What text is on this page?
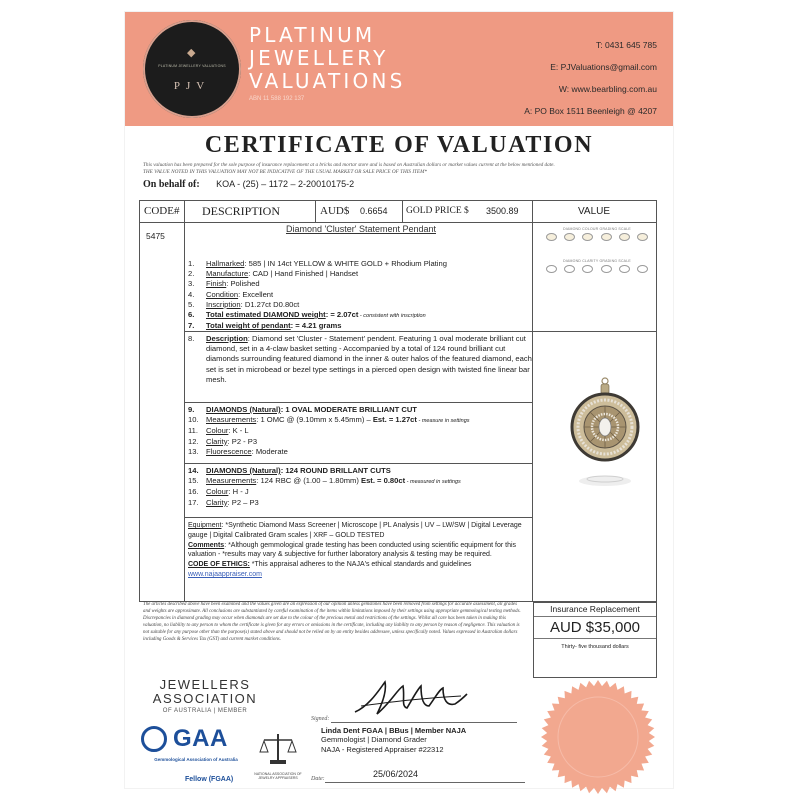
◆
PLATINUM JEWELLERY VALUATIONS
PJV
PLATINUM
JEWELLERY
VALUATIONS
ABN 11 588 192 137
T: 0431 645 785
E: PJValuations@gmail.com
W: www.bearbling.com.au
A: PO Box 1511 Beenleigh @ 4207
CERTIFICATE OF VALUATION
This valuation has been prepared for the sole purpose of insurance replacement at a bricks and mortar store and is based on Australian dollars or market values current at the below mentioned date.
THE VALUE NOTED IN THIS VALUATION MAY NOT BE INDICATIVE OF THE USUAL MARKET OR SALE PRICE OF THIS ITEM*
On behalf of: KOA - (25) – 1172 – 2-20010175-2
CODE# DESCRIPTION	AUD$ 0.6654 GOLD PRICE $ 3500.89	VALUE
5475
Diamond 'Cluster' Statement Pendant
1.	Hallmarked: 585 | IN 14ct YELLOW & WHITE GOLD + Rhodium Plating
2.	Manufacture: CAD | Hand Finished | Handset
3.	Finish: Polished
4.	Condition: Excellent
5.	Inscription: D1.27ct D0.80ct
6.	Total estimated DIAMOND weight: = 2.07ct - consistent with inscription
7.	Total weight of pendant: = 4.21 grams
8.	Description: Diamond set 'Cluster - Statement' pendent. Featuring 1 oval moderate brilliant cut diamond, set in a 4-claw basket setting - Accompanied by a total of 124 round brilliant cut diamonds surrounding featured diamond in the inner & outer halos of the featured diamond, each set is set in microbead or bezel type settings in a pierced open design with twisted fine linear bar mesh.
9.	DIAMONDS (Natural): 1 OVAL MODERATE BRILLIANT CUT
10. Measurements: 1 OMC @ (9.10mm x 5.45mm) – Est. = 1.27ct - measure in settings
11.	Colour: K - L
12. Clarity: P2 - P3
13. Fluorescence: Moderate
14. DIAMONDS (Natural): 124 ROUND BRILLANT CUTS
15. Measurements: 124 RBC @ (1.00 – 1.80mm) Est. = 0.80ct - measured in settings
16. Colour: H - J
17. Clarity: P2 – P3
Equipment: *Synthetic Diamond Mass Screener | Microscope | PL Analysis | UV – LW/SW | Digital Leverage gauge | Digital Calibrated Gram scales | XRF – GOLD TESTED
Comments: *Although gemmological grade testing has been conducted using scientific equipment for this valuation - *results may vary & subjective for further laboratory analysis & testing may be required.
CODE OF ETHICS: *This appraisal adheres to the NAJA's ethical standards and guidelines
www.najaappraiser.com
DIAMOND COLOUR GRADING SCALE
DIAMOND CLARITY GRADING SCALE
The articles described above have been examined and the values given are an expression of our opinion unless gemstones have been removed from settings for accurate assessment, all grades and weights are approximate. All conclusions are substantiated by careful examination of the items within limitations imposed by their settings using appropriate gemmological testing methods. Discrepancies in diamond grading may occur when diamonds are set due to the colour of the precious metal and restrictions of the settings. Whilst all care has been taken in making this valuation, no liability to any person to whom the certificate is given for any errors or omissions in the certificate, including any liability to any person by reason of negligence. This valuation is not suitable for any purpose other than the purpose(s) stated above and should not be relied on by an entity besides addressee, unless specifically noted. Values expressed in Australian dollars including Goods & Services Tax (GST) and current market conditions.
Insurance Replacement
AUD $35,000
Thirty- five thousand dollars
JEWELLERS
ASSOCIATION
OF AUSTRALIA | MEMBER
GAA
Gemmological Association of Australia
Fellow (FGAA)
NATIONAL ASSOCIATION OF JEWELRY APPRAISERS
Signed:
Linda Dent FGAA | BBus | Member NAJA
Gemmologist | Diamond Grader
NAJA - Registered Appraiser #22312
Date:	25/06/2024
